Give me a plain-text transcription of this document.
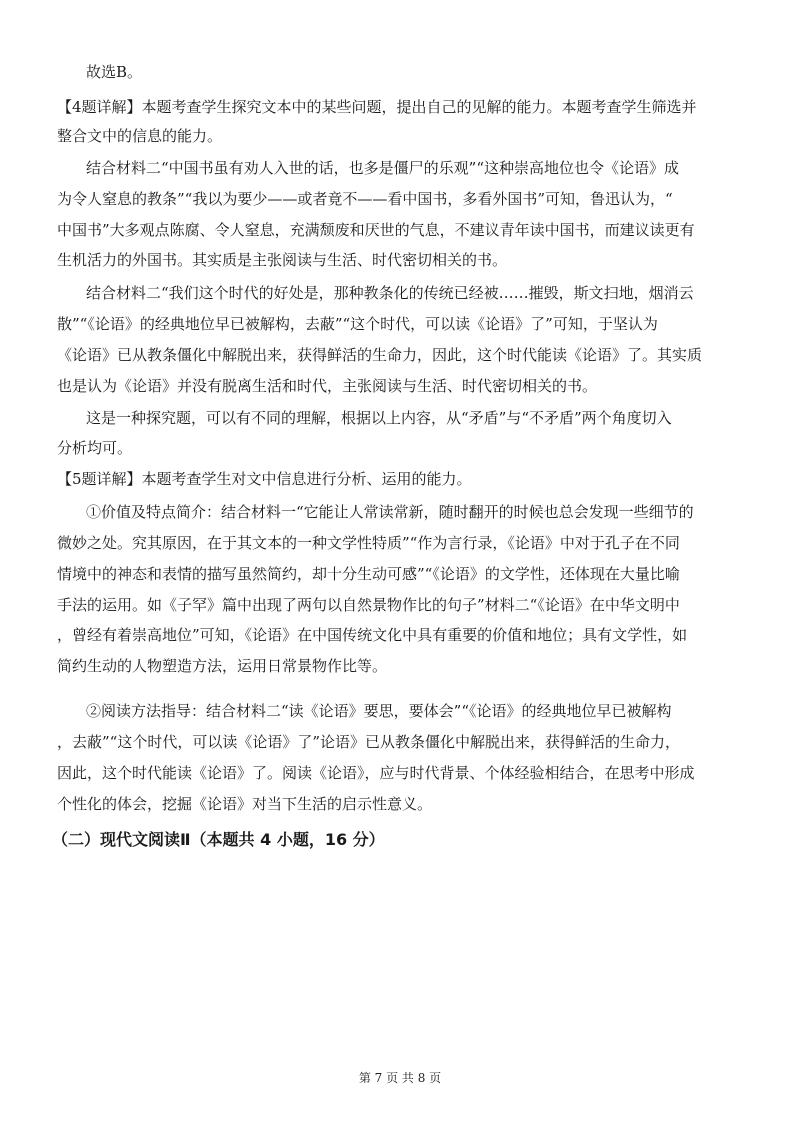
故选B。
【4题详解】本题考查学生探究文本中的某些问题，提出自己的见解的能力。本题考查学生筛选并
整合文中的信息的能力。
结合材料二“中国书虽有劝人入世的话，也多是僵尸的乐观”“这种崇高地位也令《论语》成
为令人窒息的教条”“我以为要少——或者竟不——看中国书，多看外国书”可知，鲁迅认为，“
中国书”大多观点陈腐、令人窒息，充满颓废和厌世的气息，不建议青年读中国书，而建议读更有
生机活力的外国书。其实质是主张阅读与生活、时代密切相关的书。
结合材料二“我们这个时代的好处是，那种教条化的传统已经被……摧毁，斯文扫地，烟消云
散”“《论语》的经典地位早已被解构，去蔽”“这个时代，可以读《论语》了”可知，于坚认为
《论语》已从教条僵化中解脱出来，获得鲜活的生命力，因此，这个时代能读《论语》了。其实质
也是认为《论语》并没有脱离生活和时代，主张阅读与生活、时代密切相关的书。
这是一种探究题，可以有不同的理解，根据以上内容，从“矛盾”与“不矛盾”两个角度切入
分析均可。
【5题详解】本题考查学生对文中信息进行分析、运用的能力。
①价值及特点简介：结合材料一“它能让人常读常新，随时翻开的时候也总会发现一些细节的
微妙之处。究其原因，在于其文本的一种文学性特质”“作为言行录，《论语》中对于孔子在不同
情境中的神态和表情的描写虽然简约，却十分生动可感”“《论语》的文学性，还体现在大量比喻
手法的运用。如《子罕》篇中出现了两句以自然景物作比的句子”材料二“《论语》在中华文明中
，曾经有着崇高地位”可知，《论语》在中国传统文化中具有重要的价值和地位；具有文学性，如
简约生动的人物塑造方法，运用日常景物作比等。
②阅读方法指导：结合材料二“读《论语》要思，要体会”“《论语》的经典地位早已被解构
，去蔽”“这个时代，可以读《论语》了”论语》已从教条僵化中解脱出来，获得鲜活的生命力，
因此，这个时代能读《论语》了。阅读《论语》，应与时代背景、个体经验相结合，在思考中形成
个性化的体会，挖掘《论语》对当下生活的启示性意义。
（二）现代文阅读Ⅱ（本题共 4 小题，16 分）
第 7 页 共 8 页
